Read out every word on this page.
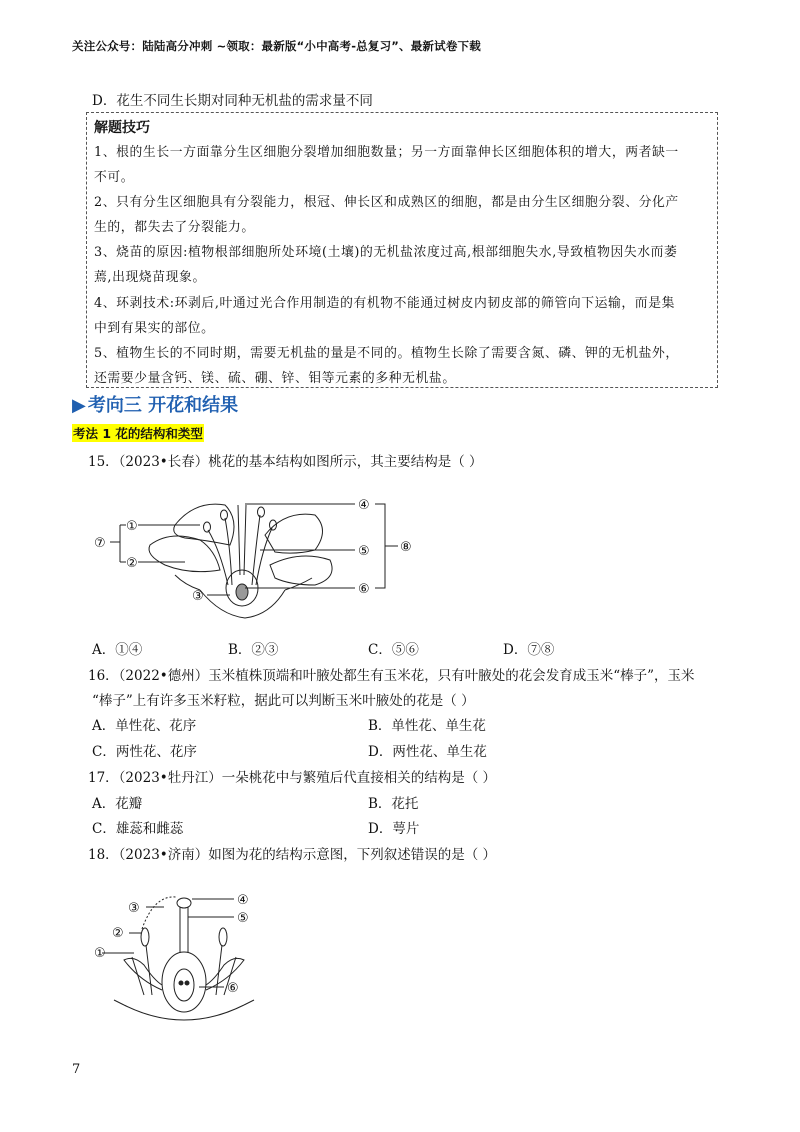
关注公众号：陆陆高分冲刺 ~领取：最新版“小中高考-总复习”、最新试卷下载
D．花生不同生长期对同种无机盐的需求量不同
解题技巧
1、根的生长一方面靠分生区细胞分裂增加细胞数量；另一方面靠伸长区细胞体积的增大，两者缺一
不可。
2、只有分生区细胞具有分裂能力，根冠、伸长区和成熟区的细胞，都是由分生区细胞分裂、分化产
生的，都失去了分裂能力。
3、烧苗的原因:植物根部细胞所处环境(土壤)的无机盐浓度过高,根部细胞失水,导致植物因失水而萎
蔫,出现烧苗现象。
4、环剥技术:环剥后,叶通过光合作用制造的有机物不能通过树皮内韧皮部的筛管向下运输，而是集
中到有果实的部位。
5、植物生长的不同时期，需要无机盐的量是不同的。植物生长除了需要含氮、磷、钾的无机盐外，
还需要少量含钙、镁、硫、硼、锌、钼等元素的多种无机盐。
▶ 考向三 开花和结果
考法 1 花的结构和类型
15．（2023•长春）桃花的基本结构如图所示，其主要结构是（ ）
①
②
③
④
⑤
⑥
⑦	⑧
A．①④	B．②③	C．⑤⑥	D．⑦⑧
16．（2022•德州）玉米植株顶端和叶腋处都生有玉米花，只有叶腋处的花会发育成玉米“棒子”，玉米
“棒子”上有许多玉米籽粒，据此可以判断玉米叶腋处的花是（ ）
A．单性花、花序	B．单性花、单生花
C．两性花、花序	D．两性花、单生花
17．（2023•牡丹江）一朵桃花中与繁殖后代直接相关的结构是（ ）
A．花瓣	B．花托
C．雄蕊和雌蕊	D．萼片
18．（2023•济南）如图为花的结构示意图，下列叙述错误的是（ ）
①
②
③
④
⑤
⑥
7
